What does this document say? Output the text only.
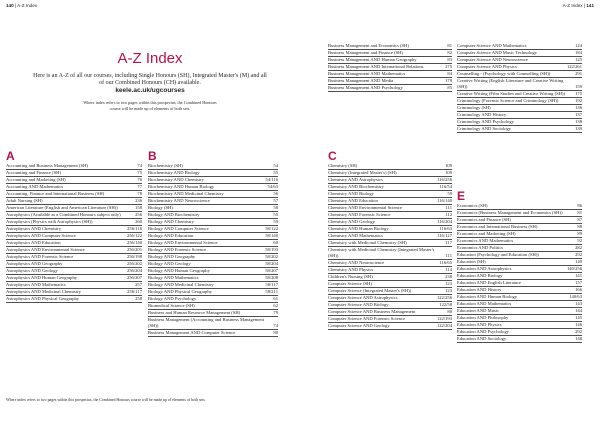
140 | A-Z Index
A-Z Index
Here is an A-Z of all our courses, including Single Honours (SH), Integrated Master's (M) and all of our Combined Honours (CH) available.
keele.ac.uk/ugcourses
Where index refers to two pages within this prospectus, the Combined Honours course will be made up of elements of both sets.
A
Accounting and Business Management (SH)	74
Accounting and Finance (SH)	75
Accounting and Marketing (SH)	76
Accounting AND Mathematics	77
Accounting, Finance and International Business (SH)	78
Adult Nursing (SH)	236
American Literature (English and American Literature (SH))	158
Astrophysics (Available as a Combined Honours subject only)	256
Astrophysics (Physics with Astrophysics (SH))	260
Astrophysics AND Chemistry	256/116
Astrophysics AND Computer Science	256/122
Astrophysics AND Education	256/140
Astrophysics AND Environmental Science	256/201
Astrophysics AND Forensic Science	256/198
Astrophysics AND Geography	256/202
Astrophysics AND Geology	256/204
Astrophysics AND Human Geography	256/207
Astrophysics AND Mathematics	257
Astrophysics AND Medicinal Chemistry	256/117
Astrophysics AND Physical Geography	258
B
Biochemistry (SH)	54
Biochemistry AND Biology	55
Biochemistry AND Chemistry	54/116
Biochemistry AND Human Biology	54/63
Biochemistry AND Medicinal Chemistry	56
Biochemistry AND Neuroscience	57
Biology (SH)	58
Biology AND Biochemistry	55
Biology AND Chemistry	59
Biology AND Computer Science	58/122
Biology AND Education	58/140
Biology AND Environmental Science	60
Biology AND Forensic Science	58/193
Biology AND Geography	58/202
Biology AND Geology	58/204
Biology AND Human Geography	58/207
Biology AND Mathematics	58/208
Biology AND Medicinal Chemistry	58/117
Biology AND Physical Geography	58/211
Biology AND Psychology	61
Biomedical Science (SH)	62
Business and Human Resource Management (SH)	79
Business Management (Accounting and Business Management (SH))	74
Business Management AND Computer Science	80
Where index refers to two pages within this prospectus, the Combined Honours course will be made up of elements of both sets.
A-Z Index | 141
Business Management and Economics (SH)	81
Business Management and Finance (SH)	82
Business Management AND Human Geography	83
Business Management AND International Relations	275
Business Management AND Mathematics	84
Business Management AND Media	179
Business Management AND Psychology	85
C
Chemistry (SH)	109
Chemistry (Integrated Master's) (SH)	109
Chemistry AND Astrophysics	116/256
Chemistry AND Biochemistry	116/54
Chemistry AND Biology	59
Chemistry AND Education	116/140
Chemistry AND Environmental Science	111
Chemistry AND Forensic Science	112
Chemistry AND Geology	116/204
Chemistry AND Human Biology	116/63
Chemistry AND Mathematics	116/127
Chemistry with Medicinal Chemistry (SH)	117
Chemistry with Medicinal Chemistry (Integrated Master's (SH))	111
Chemistry AND Neuroscience	116/65
Chemistry AND Physics	114
Children's Nursing (SH)	238
Computer Science (SH)	123
Computer Science (Integrated Master's (SH))	123
Computer Science AND Astrophysics	122/256
Computer Science AND Biology	122/58
Computer Science AND Business Management	80
Computer Science AND Forensic Science	122/193
Computer Science AND Geology	122/204
Computer Science AND Mathematics	124
Computer Science AND Music Technology	184
Computer Science AND Neuroscience	125
Computer Science AND Physics	122/261
Counselling - (Psychology with Counselling (SH))	291
Creative Writing (English Literature and Creative Writing (SH))	159
Creative Writing (Film Studies and Creative Writing (SH))	175
Criminology (Forensic Science and Criminology (SH))	192
Criminology (SH)	136
Criminology AND History	137
Criminology AND Psychology	138
Criminology AND Sociology	139
E
Economics (SH)	86
Economics (Business Management and Economics (SH))	81
Economics and Finance (SH)	87
Economics and International Business (SH)	88
Economics and Marketing (SH)	89
Economics AND Mathematics	92
Economics AND Politics	282
Education (Psychology and Education (SH))	292
Education (SH)	140
Education AND Astrophysics	140/256
Education AND Biology	141
Education AND English Literature	157
Education AND History	166
Education AND Human Biology	140/63
Education AND Mathematics	143
Education AND Music	144
Education AND Philosophy	145
Education AND Physics	146
Education AND Psychology	292
Education AND Sociology	148
